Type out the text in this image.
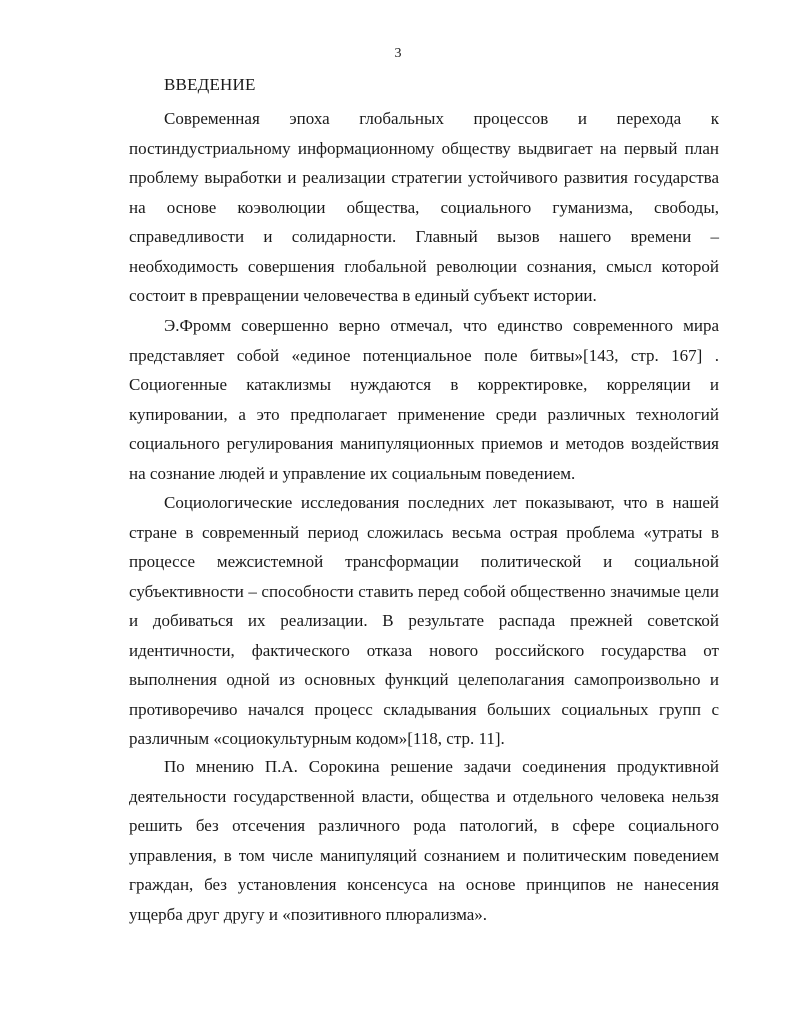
3
ВВЕДЕНИЕ

Современная эпоха глобальных процессов и перехода к постиндустриальному информационному обществу выдвигает на первый план проблему выработки и реализации стратегии устойчивого развития государства на основе коэволюции общества, социального гуманизма, свободы, справедливости и солидарности. Главный вызов нашего времени – необходимость совершения глобальной революции сознания, смысл которой состоит в превращении человечества в единый субъект истории.

Э.Фромм совершенно верно отмечал, что единство современного мира представляет собой «единое потенциальное поле битвы»[143, стр. 167] . Социогенные катаклизмы нуждаются в корректировке, корреляции и купировании, а это предполагает применение среди различных технологий социального регулирования манипуляционных приемов и методов воздействия на сознание людей и управление их социальным поведением.

Социологические исследования последних лет показывают, что в нашей стране в современный период сложилась весьма острая проблема «утраты в процессе межсистемной трансформации политической и социальной субъективности – способности ставить перед собой общественно значимые цели и добиваться их реализации. В результате распада прежней советской идентичности, фактического отказа нового российского государства от выполнения одной из основных функций целеполагания самопроизвольно и противоречиво начался процесс складывания больших социальных групп с различным «социокультурным кодом»[118, стр. 11].

По мнению П.А. Сорокина решение задачи соединения продуктивной деятельности государственной власти, общества и отдельного человека нельзя решить без отсечения различного рода патологий, в сфере социального управления, в том числе манипуляций сознанием и политическим поведением граждан, без установления консенсуса на основе принципов не нанесения ущерба друг другу и «позитивного плюрализма».
